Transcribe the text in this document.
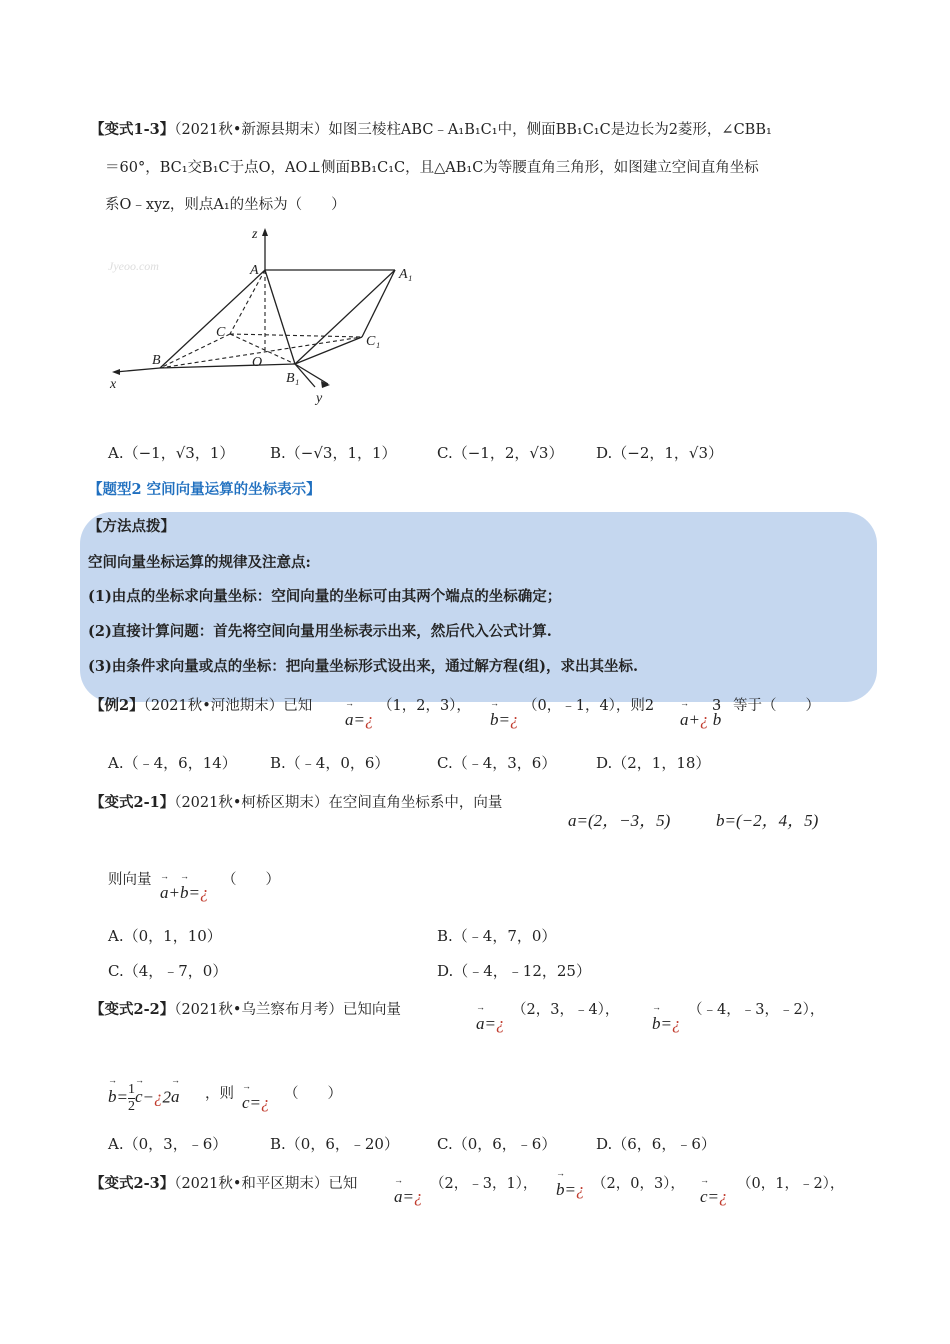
【变式1-3】（2021秋•新源县期末）如图三棱柱ABC﹣A₁B₁C₁中，侧面BB₁C₁C是边长为2菱形，∠CBB₁
＝60°，BC₁交B₁C于点O，AO⊥侧面BB₁C₁C，且△AB₁C为等腰直角三角形，如图建立空间直角坐标
系O﹣xyz，则点A₁的坐标为（　　）
Jyeoo.com
z
A	A₁
C
C₁
B	O
B₁
x
y
A.（−1，√3，1） B.（−√3，1，1）	C.（−1，2，√3） D.（−2，1，√3）
【题型2 空间向量运算的坐标表示】
【方法点拨】
空间向量坐标运算的规律及注意点:
(1)由点的坐标求向量坐标：空间向量的坐标可由其两个端点的坐标确定；
(2)直接计算问题：首先将空间向量用坐标表示出来，然后代入公式计算.
(3)由条件求向量或点的坐标：把向量坐标形式设出来，通过解方程(组)，求出其坐标.
【例2】（2021秋•河池期末）已知
→ a=¿
（1，2，3），
→ b=¿
（0，﹣1，4），则2
→ a+¿ → b
3 等于（　　）
A.（﹣4，6，14） B.（﹣4，0，6）	C.（﹣4，3，6）	D.（2，1，18）
【变式2-1】（2021秋•柯桥区期末）在空间直角坐标系中，向量
a=(2，−3，5)	b=(−2，4，5)
则向量
→ a+→ b=¿
（　　）
A.（0，1，10）	B.（﹣4，7，0）
C.（4，﹣7，0）	D.（﹣4，﹣12，25）
【变式2-2】（2021秋•乌兰察布月考）已知向量
→ a=¿
（2，3，﹣4），
→ b=¿
（﹣4，﹣3，﹣2），
→ $b= \frac{1}{2}$ → c−¿2→ a ，则 → c=¿ （　　）
A.（0，3，﹣6）	B.（0，6，﹣20）	C.（0，6，﹣6）	D.（6，6，﹣6）
【变式2-3】（2021秋•和平区期末）已知
→ a=¿
（2，﹣3，1）， → b=¿ （2，0，3），
→ c=¿
（0，1，﹣2），
